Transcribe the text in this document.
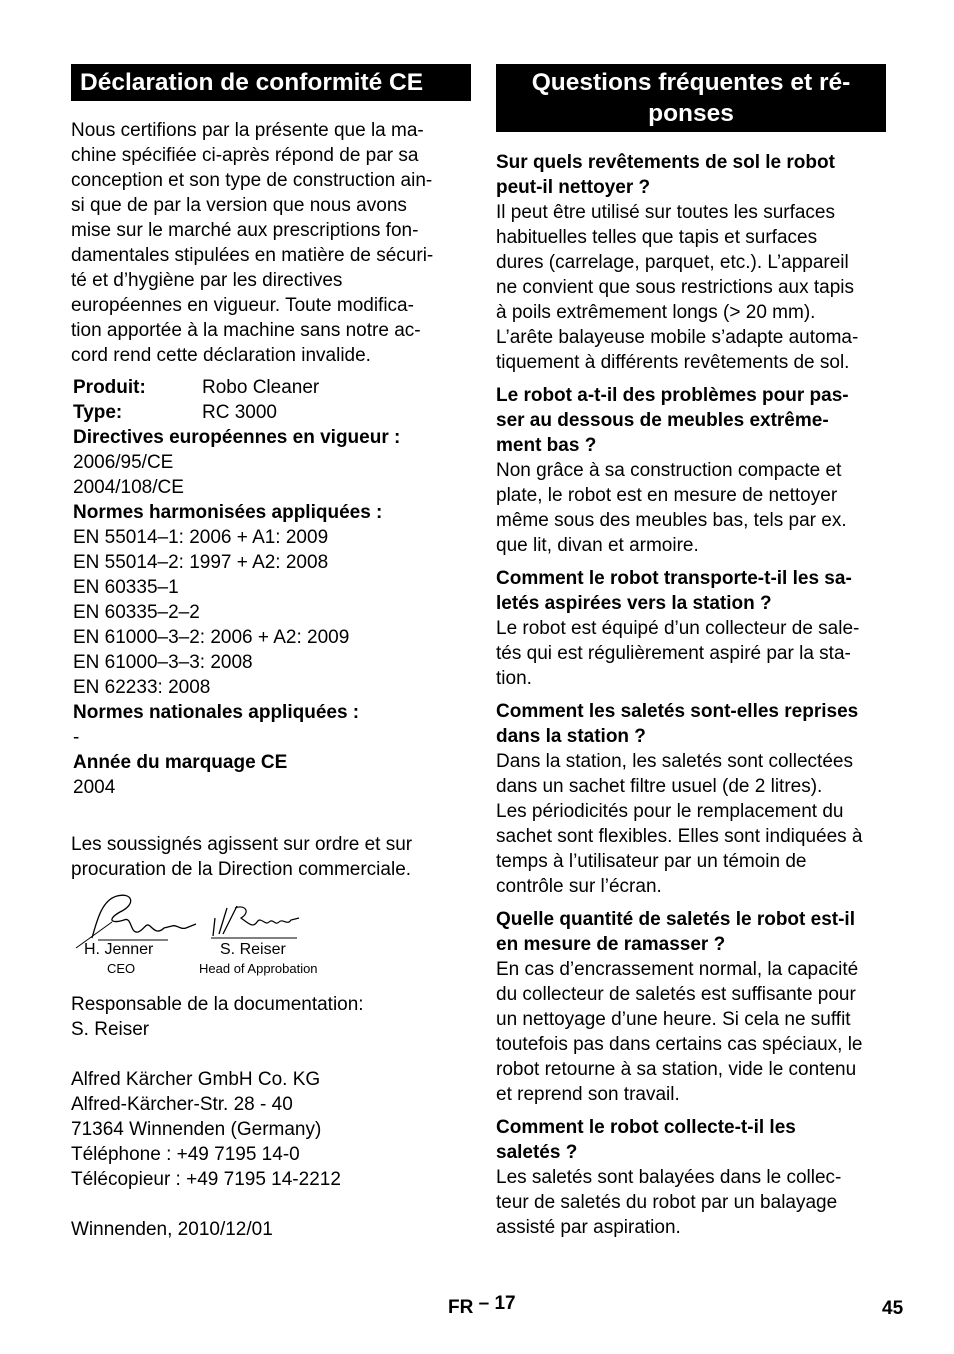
Déclaration de conformité CE

Nous certifions par la présente que la ma-
chine spécifiée ci-après répond de par sa
conception et son type de construction ain-
si que de par la version que nous avons
mise sur le marché aux prescriptions fon-
damentales stipulées en matière de sécuri-
té et d’hygiène par les directives
européennes en vigueur. Toute modifica-
tion apportée à la machine sans notre ac-
cord rend cette déclaration invalide.

Produit:	Robo Cleaner
Type:	RC 3000
Directives européennes en vigueur :
2006/95/CE
2004/108/CE
Normes harmonisées appliquées :
EN 55014–1: 2006 + A1: 2009
EN 55014–2: 1997 + A2: 2008
EN 60335–1
EN 60335–2–2
EN 61000–3–2: 2006 + A2: 2009
EN 61000–3–3: 2008
EN 62233: 2008
Normes nationales appliquées :
-
Année du marquage CE
2004
Les soussignés agissent sur ordre et sur
procuration de la Direction commerciale.
H. Jenner
CEO
S. Reiser
Head of Approbation
Responsable de la documentation:
S. Reiser
Alfred Kärcher GmbH Co. KG
Alfred-Kärcher-Str. 28 - 40
71364 Winnenden (Germany)
Téléphone : +49 7195 14-0
Télécopieur : +49 7195 14-2212
Winnenden, 2010/12/01
Questions fréquentes et ré-
ponses
Sur quels revêtements de sol le robot
peut-il nettoyer ?
Il peut être utilisé sur toutes les surfaces
habituelles telles que tapis et surfaces
dures (carrelage, parquet, etc.). L’appareil
ne convient que sous restrictions aux tapis
à poils extrêmement longs (> 20 mm).
L’arête balayeuse mobile s’adapte automa-
tiquement à différents revêtements de sol.
Le robot a-t-il des problèmes pour pas-
ser au dessous de meubles extrême-
ment bas ?
Non grâce à sa construction compacte et
plate, le robot est en mesure de nettoyer
même sous des meubles bas, tels par ex.
que lit, divan et armoire.
Comment le robot transporte-t-il les sa-
letés aspirées vers la station ?
Le robot est équipé d’un collecteur de sale-
tés qui est régulièrement aspiré par la sta-
tion.
Comment les saletés sont-elles reprises
dans la station ?
Dans la station, les saletés sont collectées
dans un sachet filtre usuel (de 2 litres).
Les périodicités pour le remplacement du
sachet sont flexibles. Elles sont indiquées à
temps à l’utilisateur par un témoin de
contrôle sur l’écran.
Quelle quantité de saletés le robot est-il
en mesure de ramasser ?
En cas d’encrassement normal, la capacité
du collecteur de saletés est suffisante pour
un nettoyage d’une heure. Si cela ne suffit
toutefois pas dans certains cas spéciaux, le
robot retourne à sa station, vide le contenu
et reprend son travail.
Comment le robot collecte-t-il les
saletés ?
Les saletés sont balayées dans le collec-
teur de saletés du robot par un balayage
assisté par aspiration.
FR – 17	45
